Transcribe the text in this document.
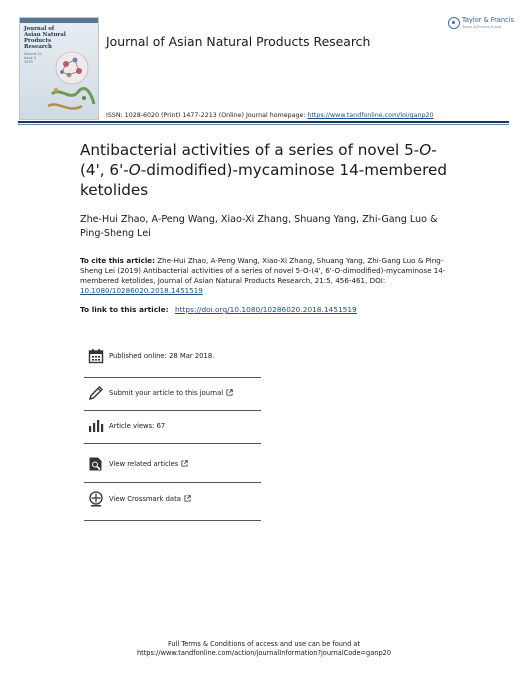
Journal of
Asian Natural
Products
Research
Volume 21
Issue 5
2019
Journal of Asian Natural Products Research
Taylor & Francis
Taylor & Francis Group
ISSN: 1028-6020 (Print) 1477-2213 (Online) Journal homepage: https://www.tandfonline.com/loi/ganp20
Antibacterial activities of a series of novel 5-O-(4', 6'-O-dimodified)-mycaminose 14-membered ketolides
Zhe-Hui Zhao, A-Peng Wang, Xiao-Xi Zhang, Shuang Yang, Zhi-Gang Luo & Ping-Sheng Lei
To cite this article: Zhe-Hui Zhao, A-Peng Wang, Xiao-Xi Zhang, Shuang Yang, Zhi-Gang Luo & Ping-Sheng Lei (2019) Antibacterial activities of a series of novel 5-O-(4', 6'-O-dimodified)-mycaminose 14-membered ketolides, Journal of Asian Natural Products Research, 21:5, 456-461, DOI: 10.1080/10286020.2018.1451519
To link to this article: https://doi.org/10.1080/10286020.2018.1451519
Published online: 28 Mar 2018.
Submit your article to this journal
Article views: 67
View related articles
View Crossmark data
Full Terms & Conditions of access and use can be found at
https://www.tandfonline.com/action/journalInformation?journalCode=ganp20
